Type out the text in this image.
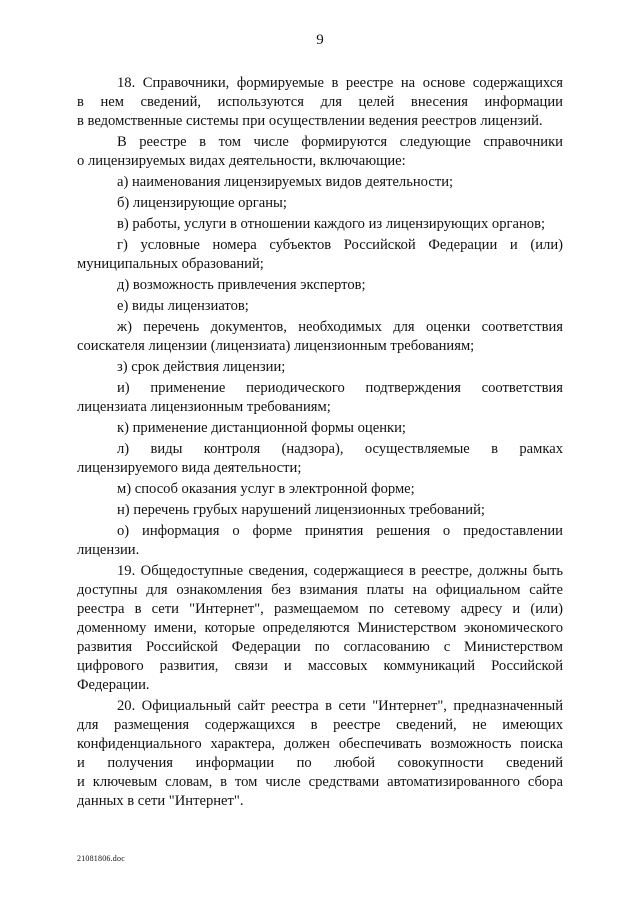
9
18. Справочники, формируемые в реестре на основе содержащихся
в нем сведений, используются для целей внесения информации
в ведомственные системы при осуществлении ведения реестров лицензий.
В реестре в том числе формируются следующие справочники
о лицензируемых видах деятельности, включающие:
а) наименования лицензируемых видов деятельности;
б) лицензирующие органы;
в) работы, услуги в отношении каждого из лицензирующих органов;
г) условные номера субъектов Российской Федерации и (или)
муниципальных образований;
д) возможность привлечения экспертов;
е) виды лицензиатов;
ж) перечень документов, необходимых для оценки соответствия
соискателя лицензии (лицензиата) лицензионным требованиям;
з) срок действия лицензии;
и) применение периодического подтверждения соответствия
лицензиата лицензионным требованиям;
к) применение дистанционной формы оценки;
л) виды контроля (надзора), осуществляемые в рамках
лицензируемого вида деятельности;
м) способ оказания услуг в электронной форме;
н) перечень грубых нарушений лицензионных требований;
о) информация о форме принятия решения о предоставлении
лицензии.
19. Общедоступные сведения, содержащиеся в реестре, должны быть
доступны для ознакомления без взимания платы на официальном сайте
реестра в сети "Интернет", размещаемом по сетевому адресу и (или)
доменному имени, которые определяются Министерством экономического
развития Российской Федерации по согласованию с Министерством
цифрового развития, связи и массовых коммуникаций Российской
Федерации.
20. Официальный сайт реестра в сети "Интернет", предназначенный
для размещения содержащихся в реестре сведений, не имеющих
конфиденциального характера, должен обеспечивать возможность поиска
и получения информации по любой совокупности сведений
и ключевым словам, в том числе средствами автоматизированного сбора
данных в сети "Интернет".
21081806.doc
